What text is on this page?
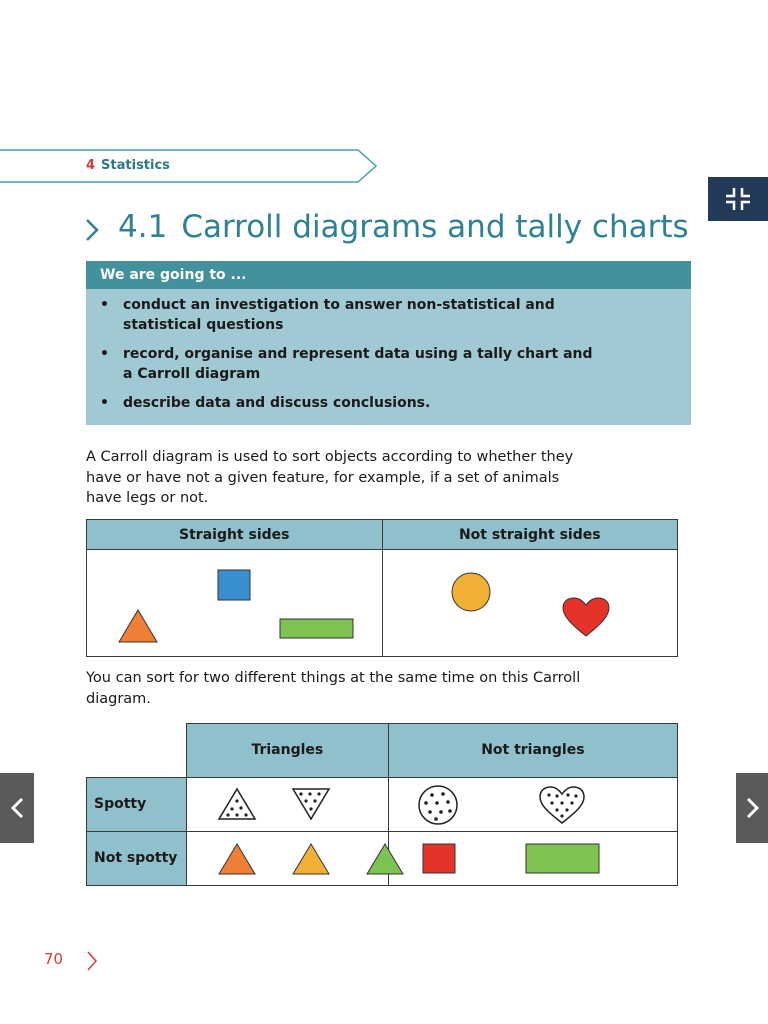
4 Statistics
4.1 Carroll diagrams and tally charts
We are going to ...
• conduct an investigation to answer non-statistical and statistical questions
• record, organise and represent data using a tally chart and a Carroll diagram
• describe data and discuss conclusions.

A Carroll diagram is used to sort objects according to whether they have or have not a given feature, for example, if a set of animals have legs or not.

Straight sides	Not straight sides

You can sort for two different things at the same time on this Carroll diagram.

	Triangles	Not triangles
Spotty	

Not spotty	

70
